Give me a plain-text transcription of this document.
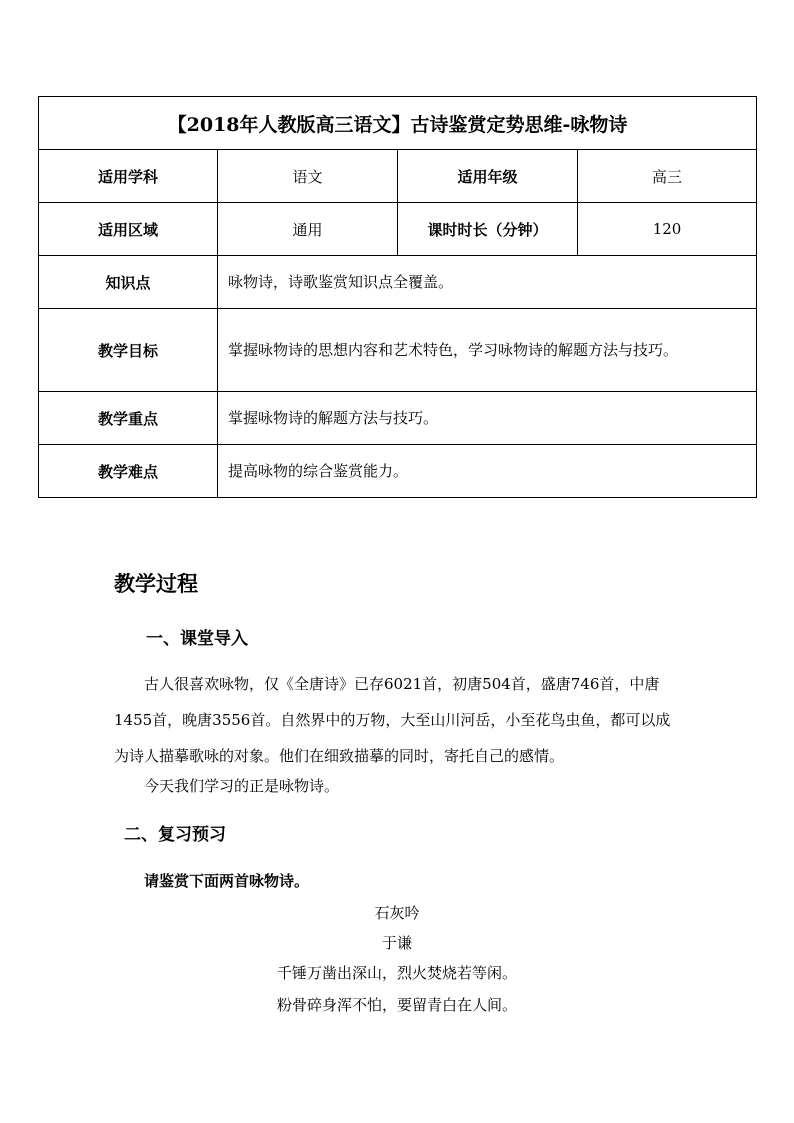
【2018年人教版高三语文】古诗鉴赏定势思维-咏物诗			
适用学科	语文	适用年级	高三
适用区域	通用	课时时长（分钟）	120
知识点	咏物诗，诗歌鉴赏知识点全覆盖。		
教学目标	掌握咏物诗的思想内容和艺术特色，学习咏物诗的解题方法与技巧。		
教学重点	掌握咏物诗的解题方法与技巧。		
教学难点	提高咏物的综合鉴赏能力。		
教学过程
一、课堂导入

古人很喜欢咏物，仅《全唐诗》已存6021首，初唐504首，盛唐746首，中唐1455首，晚唐3556首。自然界中的万物，大至山川河岳，小至花鸟虫鱼，都可以成为诗人描摹歌咏的对象。他们在细致描摹的同时，寄托自己的感情。

今天我们学习的正是咏物诗。

二、复习预习
请鉴赏下面两首咏物诗。
石灰吟
于谦
千锤万凿出深山，烈火焚烧若等闲。
粉骨碎身浑不怕，要留青白在人间。
